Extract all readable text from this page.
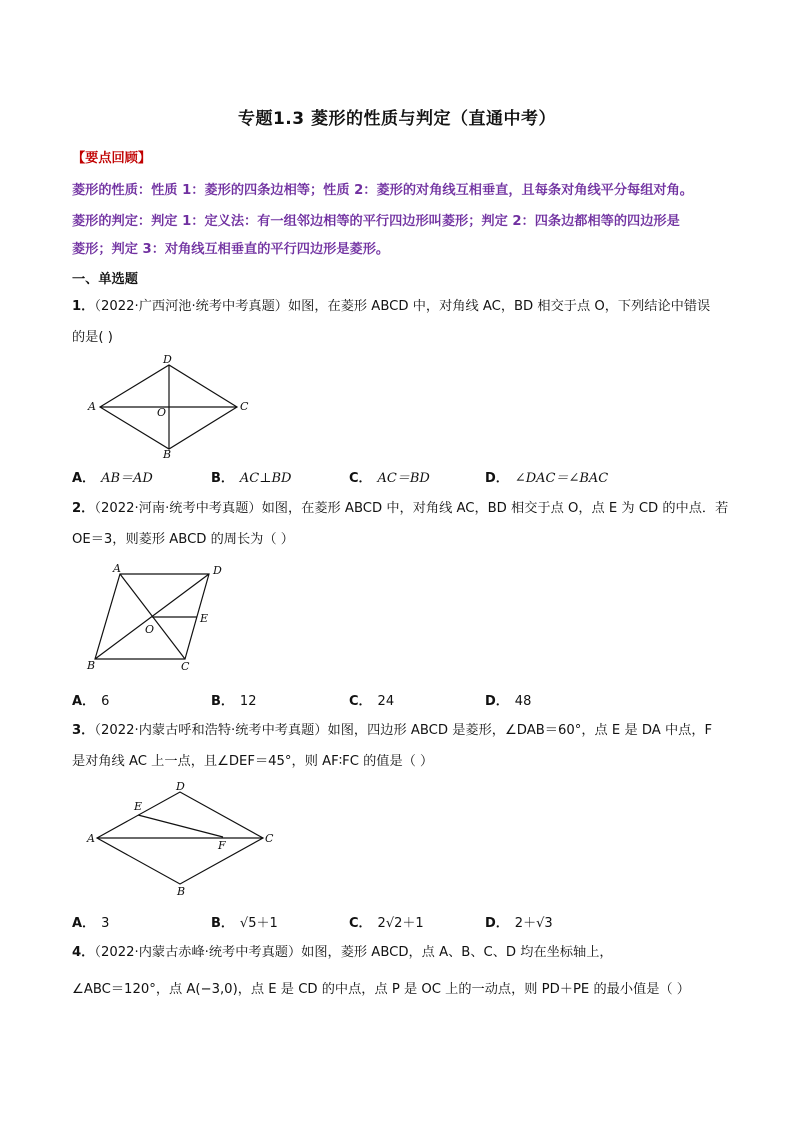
专题1.3 菱形的性质与判定（直通中考）
【要点回顾】
菱形的性质：性质 1：菱形的四条边相等；性质 2：菱形的对角线互相垂直，且每条对角线平分每组对角。
菱形的判定：判定 1：定义法：有一组邻边相等的平行四边形叫菱形；判定 2：四条边都相等的四边形是
菱形；判定 3：对角线互相垂直的平行四边形是菱形。
一、单选题
1．（2022·广西河池·统考中考真题）如图，在菱形 ABCD 中，对角线 AC，BD 相交于点 O，下列结论中错误
的是( )
D
A	O	C
B
A． AB＝AD	B． AC⊥BD	C． AC＝BD	D． ∠DAC＝∠BAC
2．（2022·河南·统考中考真题）如图，在菱形 ABCD 中，对角线 AC，BD 相交于点 O，点 E 为 CD 的中点．若
OE＝3，则菱形 ABCD 的周长为（ ）
A	D
E
O
B	C
A． 6	B． 12	C． 24	D． 48
3．（2022·内蒙古呼和浩特·统考中考真题）如图，四边形 ABCD 是菱形，∠DAB＝60°，点 E 是 DA 中点，F
是对角线 AC 上一点，且∠DEF＝45°，则 AF∶FC 的值是（ ）
D
E
A
F
C
B
A． 3	B． √5＋1	C． 2√2＋1	D． 2＋√3
4．（2022·内蒙古赤峰·统考中考真题）如图，菱形 ABCD，点 A、B、C、D 均在坐标轴上，
∠ABC＝120°，点 A(−3,0)，点 E 是 CD 的中点，点 P 是 OC 上的一动点，则 PD＋PE 的最小值是（ ）
